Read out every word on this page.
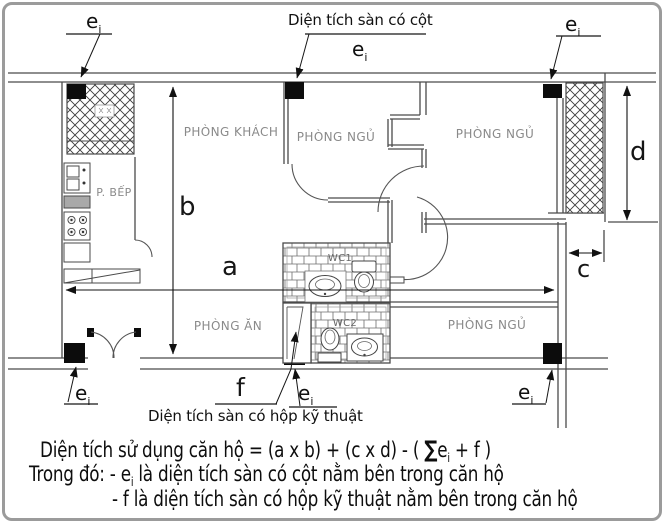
Diện tích sàn có cột
Diện tích sàn có hộp kỹ thuật
$e_i$
$e_i$
$e_i$
$e_i$	$e_i$	$e_i$
f
a
b
c
d
PHÒNG KHÁCH PHÒNG NGỦ	PHÒNG NGỦ
PHÒNG NGỦ
P. BẾP
PHÒNG ĂN
WC1
WC2
Diện tích sử dụng căn hộ = (a x b) + (c x d) - ( $\sum e_i + f$ )
Trong đó: - $e_i$ là diện tích sàn có cột nằm bên trong căn hộ
- f là diện tích sàn có hộp kỹ thuật nằm bên trong căn hộ
